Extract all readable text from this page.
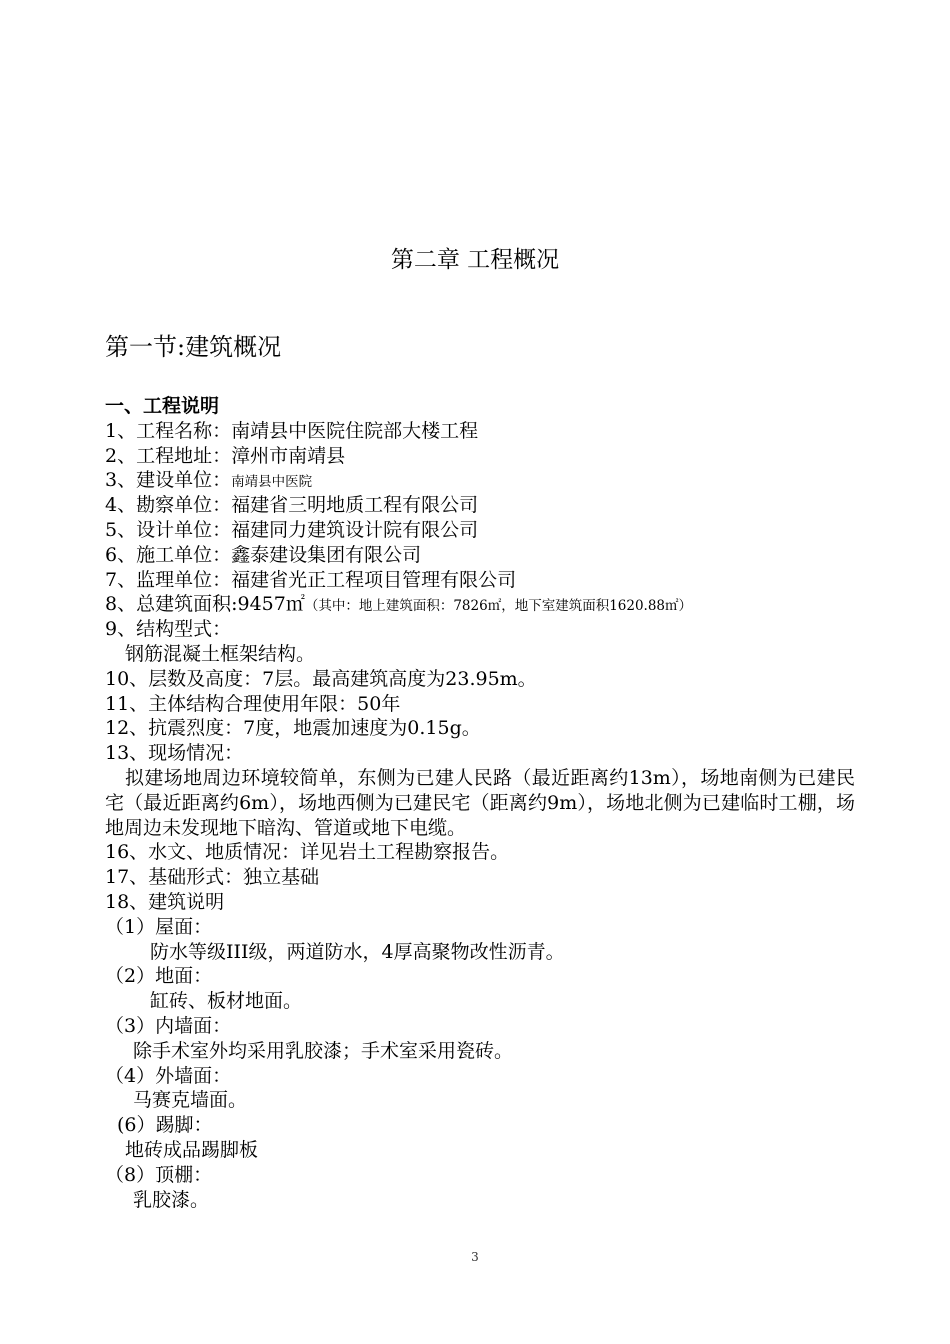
第二章 工程概况
第一节:建筑概况
一、工程说明
1、工程名称：南靖县中医院住院部大楼工程
2、工程地址：漳州市南靖县
3、建设单位：南靖县中医院
4、勘察单位：福建省三明地质工程有限公司
5、设计单位：福建同力建筑设计院有限公司
6、施工单位：鑫泰建设集团有限公司
7、监理单位：福建省光正工程项目管理有限公司
8、总建筑面积:9457㎡（其中：地上建筑面积：7826㎡，地下室建筑面积1620.88㎡）
9、结构型式：
钢筋混凝土框架结构。
10、层数及高度：7层。最高建筑高度为23.95m。
11、主体结构合理使用年限：50年
12、抗震烈度：7度，地震加速度为0.15g。
13、现场情况：
拟建场地周边环境较简单，东侧为已建人民路（最近距离约13m），场地南侧为已建民宅（最近距离约6m），场地西侧为已建民宅（距离约9m），场地北侧为已建临时工棚，场地周边未发现地下暗沟、管道或地下电缆。
16、水文、地质情况：详见岩土工程勘察报告。
17、基础形式：独立基础
18、建筑说明
（1）屋面：
防水等级III级，两道防水，4厚高聚物改性沥青。
（2）地面：
缸砖、板材地面。
（3）内墙面：
除手术室外均采用乳胶漆；手术室采用瓷砖。
（4）外墙面：
马赛克墙面。
(6）踢脚：
地砖成品踢脚板
（8）顶棚：
乳胶漆。
3
